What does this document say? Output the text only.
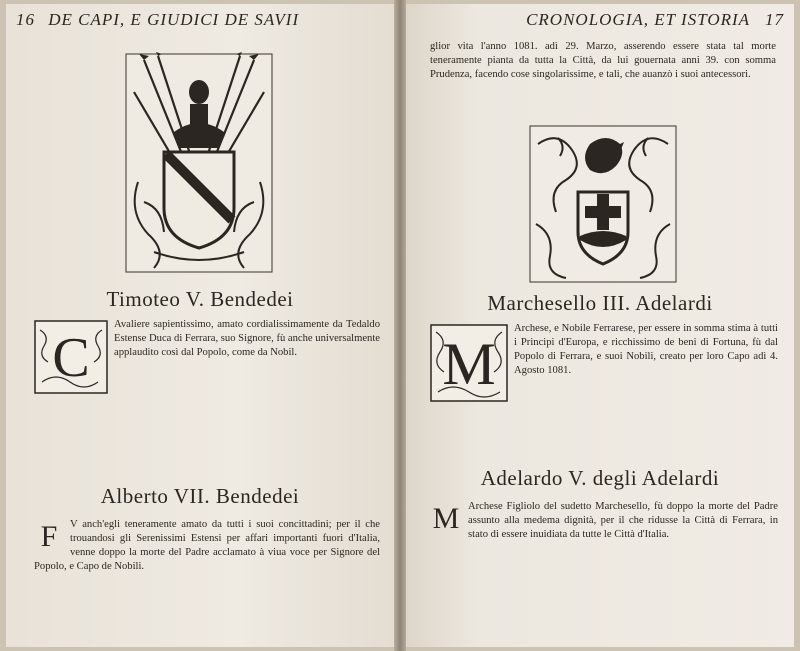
16 DE CAPI, E GIUDICI DE SAVII
Timoteo V. Bendedei
C

Avaliere sapientissimo, amato cordialissimamente da Tedaldo Estense Duca di Ferrara, suo Signore, fù anche universalmente applaudito così dal Popolo, come da Nobil.

Alberto VII. Bendedei
F	V anch'egli teneramente amato da tutti i suoi concittadini; per il che trouandosi gli Serenissimi Estensi per affari importanti fuori d'Italia, venne doppo la morte del Padre acclamato à viua voce per Signore del Popolo, e Capo de Nobili.

CRONOLOGIA, ET ISTORIA 17

glior vita l'anno 1081. adì 29. Marzo, asserendo essere stata tal morte teneramente pianta da tutta la Città, da lui gouernata anni 39. con somma Prudenza, facendo cose singolarissime, e tali, che auanzò i suoi antecessori.

Marchesello III. Adelardi
M

Archese, e Nobile Ferrarese, per essere in somma stima à tutti i Principi d'Europa, e ricchissimo de beni di Fortuna, fù dal Popolo di Ferrara, e suoi Nobili, creato per loro Capo adì 4. Agosto 1081.

Adelardo V. degli Adelardi
M Archese Figliolo del sudetto Marchesello, fù doppo la morte del Padre assunto alla medema dignità, per il che ridusse la Città di Ferrara, in stato di essere inuidiata da tutte le Città d'Italia.
